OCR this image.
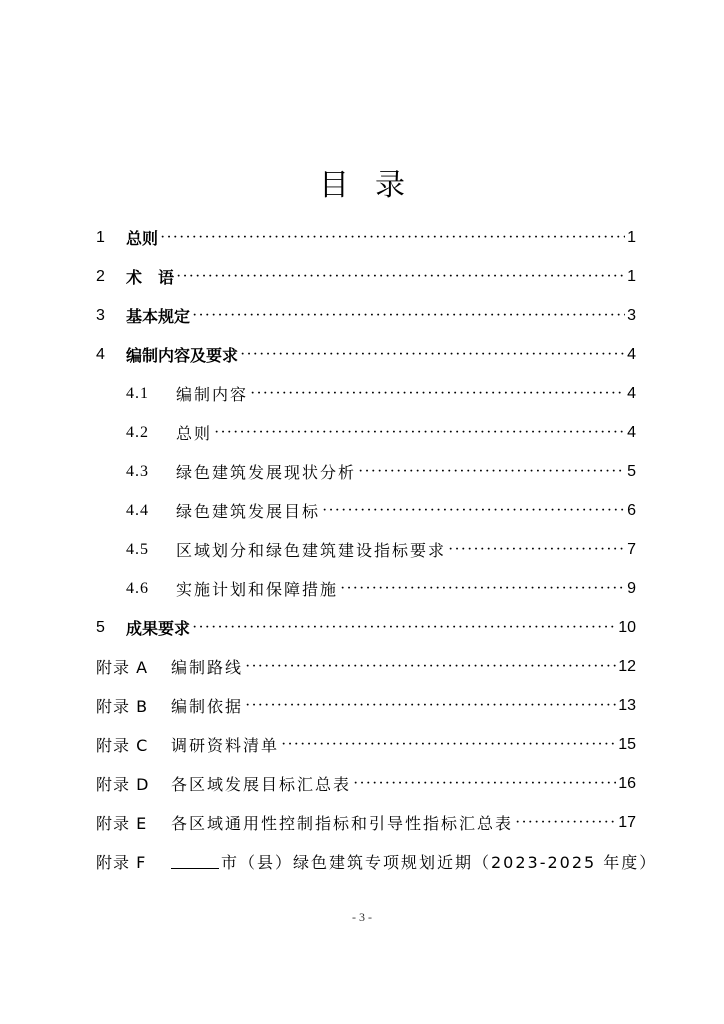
目 录
1	总则 ·····	1
2	术　语 ·····	1
3	基本规定 ·····	3
4	编制内容及要求 ·····	4
4.1	编制内容 ·····	4
4.2	总则 ·····	4
4.3	绿色建筑发展现状分析 ·····	5
4.4	绿色建筑发展目标 ·····	6
4.5	区域划分和绿色建筑建设指标要求 ·····	7
4.6	实施计划和保障措施 ·····	9
5	成果要求 ·····	10
附录 A	编制路线 ·····	12
附录 B	编制依据 ·····	13
附录 C	调研资料清单 ·····	15
附录 D	各区域发展目标汇总表 ·····	16
附录 E	各区域通用性控制指标和引导性指标汇总表 ·····	17
附录 F	市（县）绿色建筑专项规划近期（2023-2025 年度）
- 3 -
